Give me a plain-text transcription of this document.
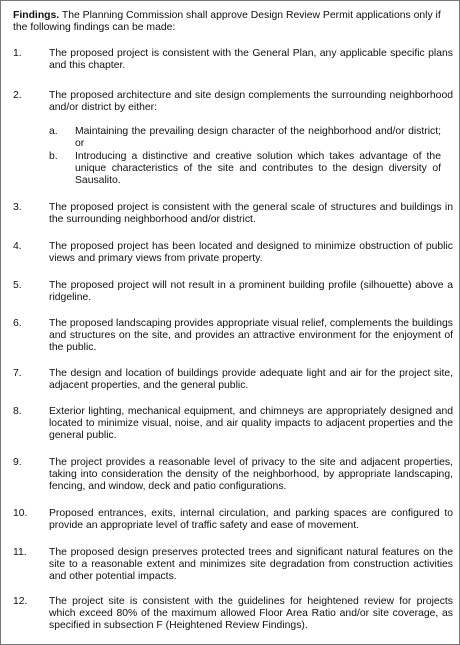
Findings. The Planning Commission shall approve Design Review Permit applications only if the following findings can be made:
1.	The proposed project is consistent with the General Plan, any applicable specific plans and this chapter.
2.	The proposed architecture and site design complements the surrounding neighborhood and/or district by either:
a.	Maintaining the prevailing design character of the neighborhood and/or district; or
b.	Introducing a distinctive and creative solution which takes advantage of the unique characteristics of the site and contributes to the design diversity of Sausalito.
3.	The proposed project is consistent with the general scale of structures and buildings in the surrounding neighborhood and/or district.
4.	The proposed project has been located and designed to minimize obstruction of public views and primary views from private property.
5.	The proposed project will not result in a prominent building profile (silhouette) above a ridgeline.
6.	The proposed landscaping provides appropriate visual relief, complements the buildings and structures on the site, and provides an attractive environment for the enjoyment of the public.
7.	The design and location of buildings provide adequate light and air for the project site, adjacent properties, and the general public.
8.	Exterior lighting, mechanical equipment, and chimneys are appropriately designed and located to minimize visual, noise, and air quality impacts to adjacent properties and the general public.
9.	The project provides a reasonable level of privacy to the site and adjacent properties, taking into consideration the density of the neighborhood, by appropriate landscaping, fencing, and window, deck and patio configurations.
10.	Proposed entrances, exits, internal circulation, and parking spaces are configured to provide an appropriate level of traffic safety and ease of movement.
11.	The proposed design preserves protected trees and significant natural features on the site to a reasonable extent and minimizes site degradation from construction activities and other potential impacts.
12.	The project site is consistent with the guidelines for heightened review for projects which exceed 80% of the maximum allowed Floor Area Ratio and/or site coverage, as specified in subsection F (Heightened Review Findings).
